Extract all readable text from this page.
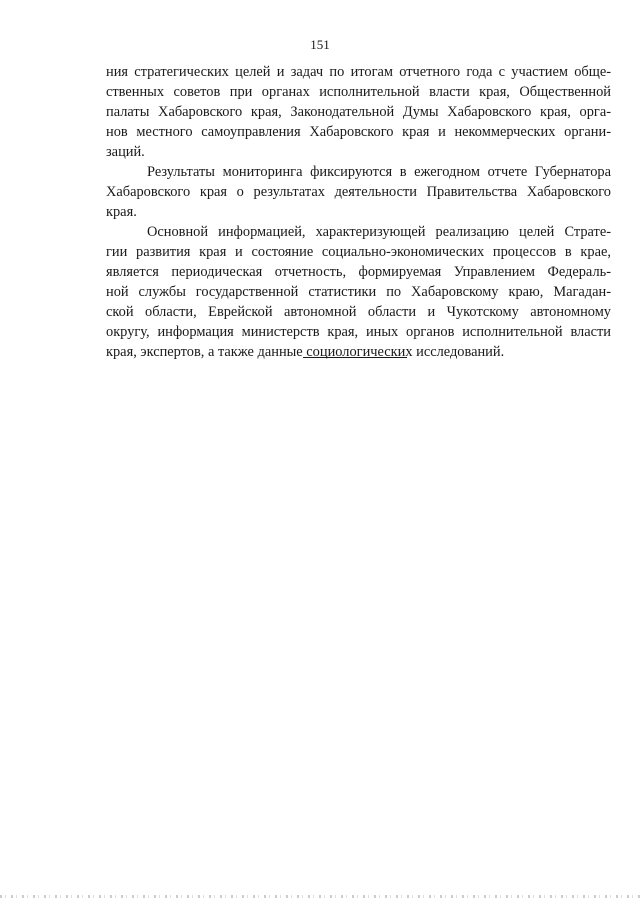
151
ния стратегических целей и задач по итогам отчетного года с участием обще-
ственных советов при органах исполнительной власти края, Общественной
палаты Хабаровского края, Законодательной Думы Хабаровского края, орга-
нов местного самоуправления Хабаровского края и некоммерческих органи-
заций.
Результаты мониторинга фиксируются в ежегодном отчете Губернатора
Хабаровского края о результатах деятельности Правительства Хабаровского
края.
Основной информацией, характеризующей реализацию целей Страте-
гии развития края и состояние социально-экономических процессов в крае,
является периодическая отчетность, формируемая Управлением Федераль-
ной службы государственной статистики по Хабаровскому краю, Магадан-
ской области, Еврейской автономной области и Чукотскому автономному
округу, информация министерств края, иных органов исполнительной власти
края, экспертов, а также данные социологических исследований.
